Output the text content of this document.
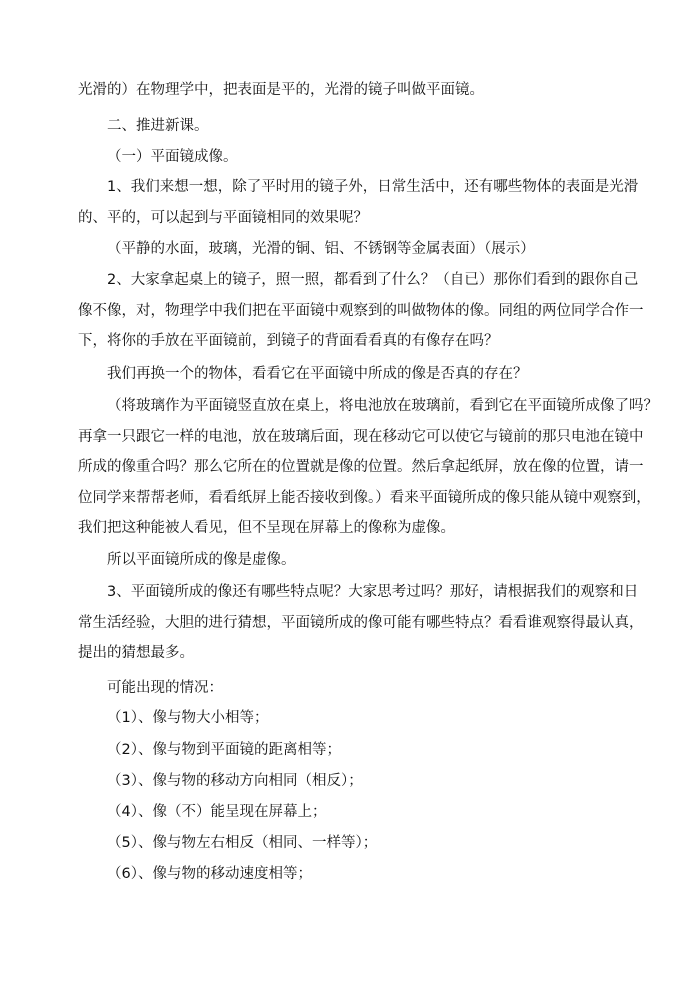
光滑的）在物理学中，把表面是平的，光滑的镜子叫做平面镜。
二、推进新课。
（一）平面镜成像。
1、我们来想一想，除了平时用的镜子外，日常生活中，还有哪些物体的表面是光滑
的、平的，可以起到与平面镜相同的效果呢？
（平静的水面，玻璃，光滑的铜、铝、不锈钢等金属表面）（展示）
2、大家拿起桌上的镜子，照一照，都看到了什么？（自已）那你们看到的跟你自己
像不像，对，物理学中我们把在平面镜中观察到的叫做物体的像。同组的两位同学合作一
下，将你的手放在平面镜前，到镜子的背面看看真的有像存在吗？
我们再换一个的物体，看看它在平面镜中所成的像是否真的存在？
（将玻璃作为平面镜竖直放在桌上，将电池放在玻璃前，看到它在平面镜所成像了吗？
再拿一只跟它一样的电池，放在玻璃后面，现在移动它可以使它与镜前的那只电池在镜中
所成的像重合吗？那么它所在的位置就是像的位置。然后拿起纸屏，放在像的位置，请一
位同学来帮帮老师，看看纸屏上能否接收到像。）看来平面镜所成的像只能从镜中观察到，
我们把这种能被人看见，但不呈现在屏幕上的像称为虚像。
所以平面镜所成的像是虚像。
3、平面镜所成的像还有哪些特点呢？大家思考过吗？那好，请根据我们的观察和日
常生活经验，大胆的进行猜想，平面镜所成的像可能有哪些特点？看看谁观察得最认真，
提出的猜想最多。
可能出现的情况：
（1）、像与物大小相等；
（2）、像与物到平面镜的距离相等；
（3）、像与物的移动方向相同（相反）；
（4）、像（不）能呈现在屏幕上；
（5）、像与物左右相反（相同、一样等）；
（6）、像与物的移动速度相等；
